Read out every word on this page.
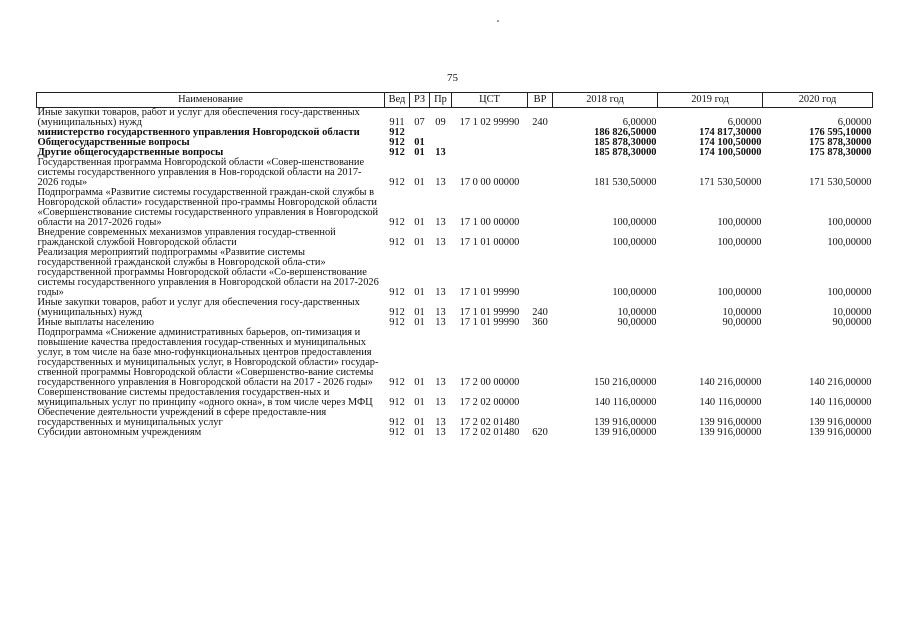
75
Наименование	Вед	РЗ	Пр	ЦСТ	ВР	2018 год	2019 год	2020 год
Иные закупки товаров, работ и услуг для обеспечения госу-дарственных (муниципальных) нужд	911	07	09	17 1 02 99990	240	6,00000	6,00000	6,00000
министерство государственного управления Новгородской области	912					186 826,50000	174 817,30000	176 595,10000
Общегосударственные вопросы	912	01				185 878,30000	174 100,50000	175 878,30000
Другие общегосударственные вопросы	912	01	13			185 878,30000	174 100,50000	175 878,30000
Государственная программа Новгородской области «Совер-шенствование системы государственного управления в Нов-городской области на 2017-2026 годы»	912	01	13	17 0 00 00000		181 530,50000	171 530,50000	171 530,50000
Подпрограмма «Развитие системы государственной граждан-ской службы в Новгородской области» государственной про-граммы Новгородской области «Совершенствование системы государственного управления в Новгородской области на 2017-2026 годы»	912	01	13	17 1 00 00000		100,00000	100,00000	100,00000
Внедрение современных механизмов управления государ-ственной гражданской службой Новгородской области	912	01	13	17 1 01 00000		100,00000	100,00000	100,00000
Реализация мероприятий подпрограммы «Развитие системы государственной гражданской службы в Новгородской обла-сти» государственной программы Новгородской области «Со-вершенствование системы государственного управления в Новгородской области на 2017-2026 годы»	912	01	13	17 1 01 99990		100,00000	100,00000	100,00000
Иные закупки товаров, работ и услуг для обеспечения госу-дарственных (муниципальных) нужд	912	01	13	17 1 01 99990	240	10,00000	10,00000	10,00000
Иные выплаты населению	912	01	13	17 1 01 99990	360	90,00000	90,00000	90,00000
Подпрограмма «Снижение административных барьеров, оп-тимизация и повышение качества предоставления государ-ственных и муниципальных услуг, в том числе на базе мно-гофункциональных центров предоставления государственных и муниципальных услуг, в Новгородской области» государ-ственной программы Новгородской области «Совершенство-вание системы государственного управления в Новгородской области на 2017 - 2026 годы»	912	01	13	17 2 00 00000		150 216,00000	140 216,00000	140 216,00000
Совершенствование системы предоставления государствен-ных и муниципальных услуг по принципу «одного окна», в том числе через МФЦ	912	01	13	17 2 02 00000		140 116,00000	140 116,00000	140 116,00000
Обеспечение деятельности учреждений в сфере предоставле-ния государственных и муниципальных услуг	912	01	13	17 2 02 01480		139 916,00000	139 916,00000	139 916,00000
Субсидии автономным учреждениям	912	01	13	17 2 02 01480	620	139 916,00000	139 916,00000	139 916,00000
